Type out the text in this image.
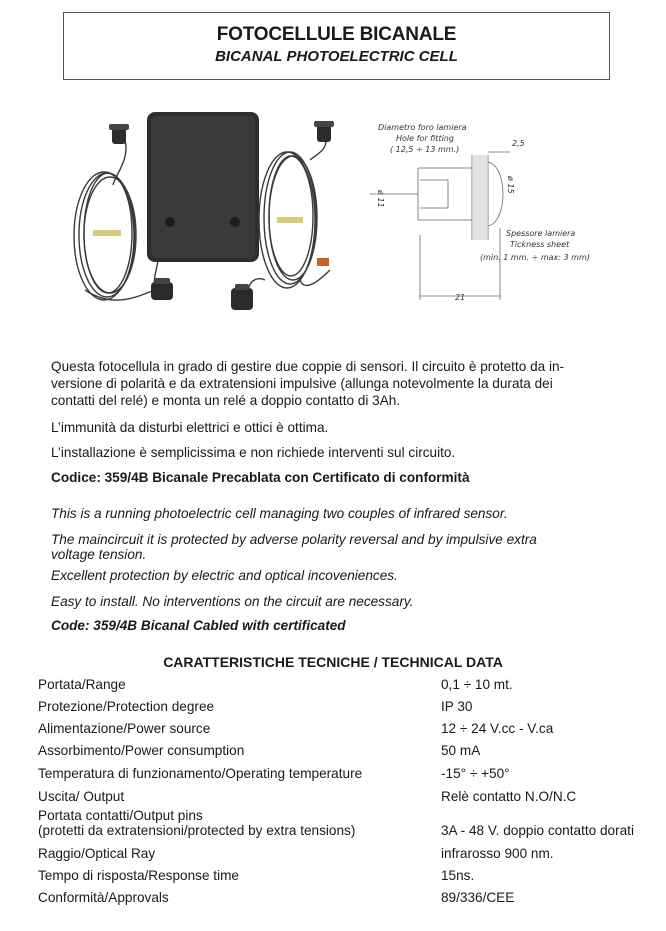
FOTOCELLULE BICANALE
BICANAL PHOTOELECTRIC CELL
Diametro foro lamiera
Hole for fitting
( 12,5 ÷ 13 mm.)
2,5
ø 11
ø 15
Spessore lamiera
Tickness sheet
(min. 1 mm. ÷ max: 3 mm)
21
Questa fotocellula in grado di gestire due coppie di sensori. Il circuito è protetto da in-
versione di polarità e da extratensioni impulsive (allunga notevolmente la durata dei
contatti del relé) e monta un relé a doppio contatto di 3Ah.
L’immunità da disturbi elettrici e ottici è ottima.
L’installazione è semplicissima e non richiede interventi sul circuito.
Codice: 359/4B Bicanale Precablata con Certificato di conformità
This is a running photoelectric cell managing two couples of infrared sensor.
The maincircuit it is protected by adverse polarity reversal and by impulsive extra
voltage tension.
Excellent protection by electric and optical incoveniences.
Easy to install. No interventions on the circuit are necessary.
Code: 359/4B Bicanal Cabled with certificated
CARATTERISTICHE TECNICHE / TECHNICAL DATA
Portata/Range	0,1 ÷ 10 mt.
Protezione/Protection degree	IP 30
Alimentazione/Power source	12 ÷ 24 V.cc - V.ca
Assorbimento/Power consumption	50 mA
Temperatura di funzionamento/Operating temperature	-15° ÷ +50°
Uscita/ Output	Relè contatto N.O/N.C
Portata contatti/Output pins
(protetti da extratensioni/protected by extra tensions)	3A - 48 V. doppio contatto dorati
Raggio/Optical Ray	infrarosso 900 nm.
Tempo di risposta/Response time	15ns.
Conformità/Approvals	89/336/CEE
